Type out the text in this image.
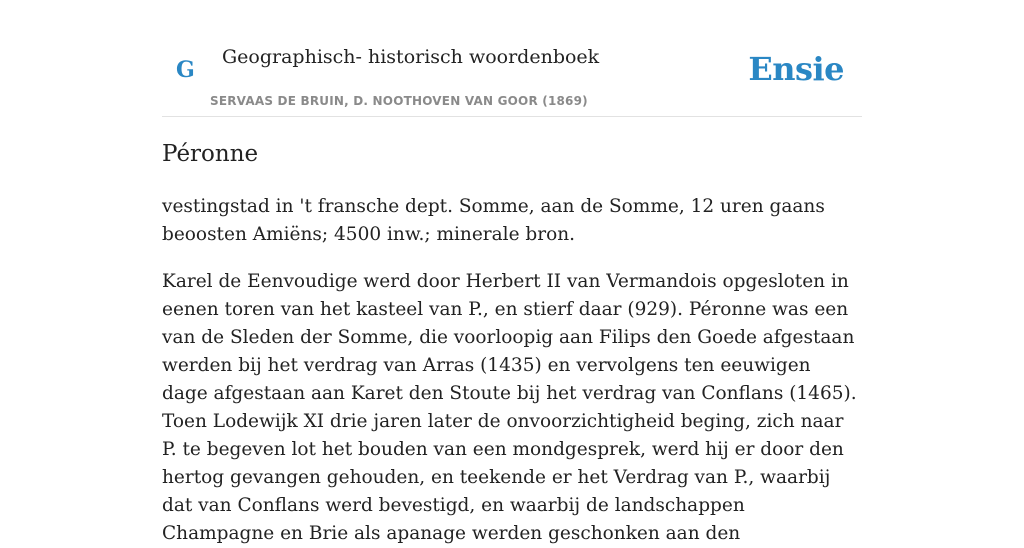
G Geographisch- historisch woordenboek
SERVAAS DE BRUIN, D. NOOTHOVEN VAN GOOR (1869)
Ensie
Péronne

vestingstad in 't fransche dept. Somme, aan de Somme, 12 uren gaans beoosten Amiëns; 4500 inw.; minerale bron.

Karel de Eenvoudige werd door Herbert II van Vermandois opgesloten in eenen toren van het kasteel van P., en stierf daar (929). Péronne was een van de Sleden der Somme, die voorloopig aan Filips den Goede afgestaan werden bij het verdrag van Arras (1435) en vervolgens ten eeuwigen dage afgestaan aan Karet den Stoute bij het verdrag van Conflans (1465). Toen Lodewijk XI drie jaren later de onvoorzichtigheid beging, zich naar P. te begeven lot het bouden van een mondgesprek, werd hij er door den hertog gevangen gehouden, en teekende er het Verdrag van P., waarbij dat van Conflans werd bevestigd, en waarbij de landschappen Champagne en Brie als apanage werden geschonken aan den
